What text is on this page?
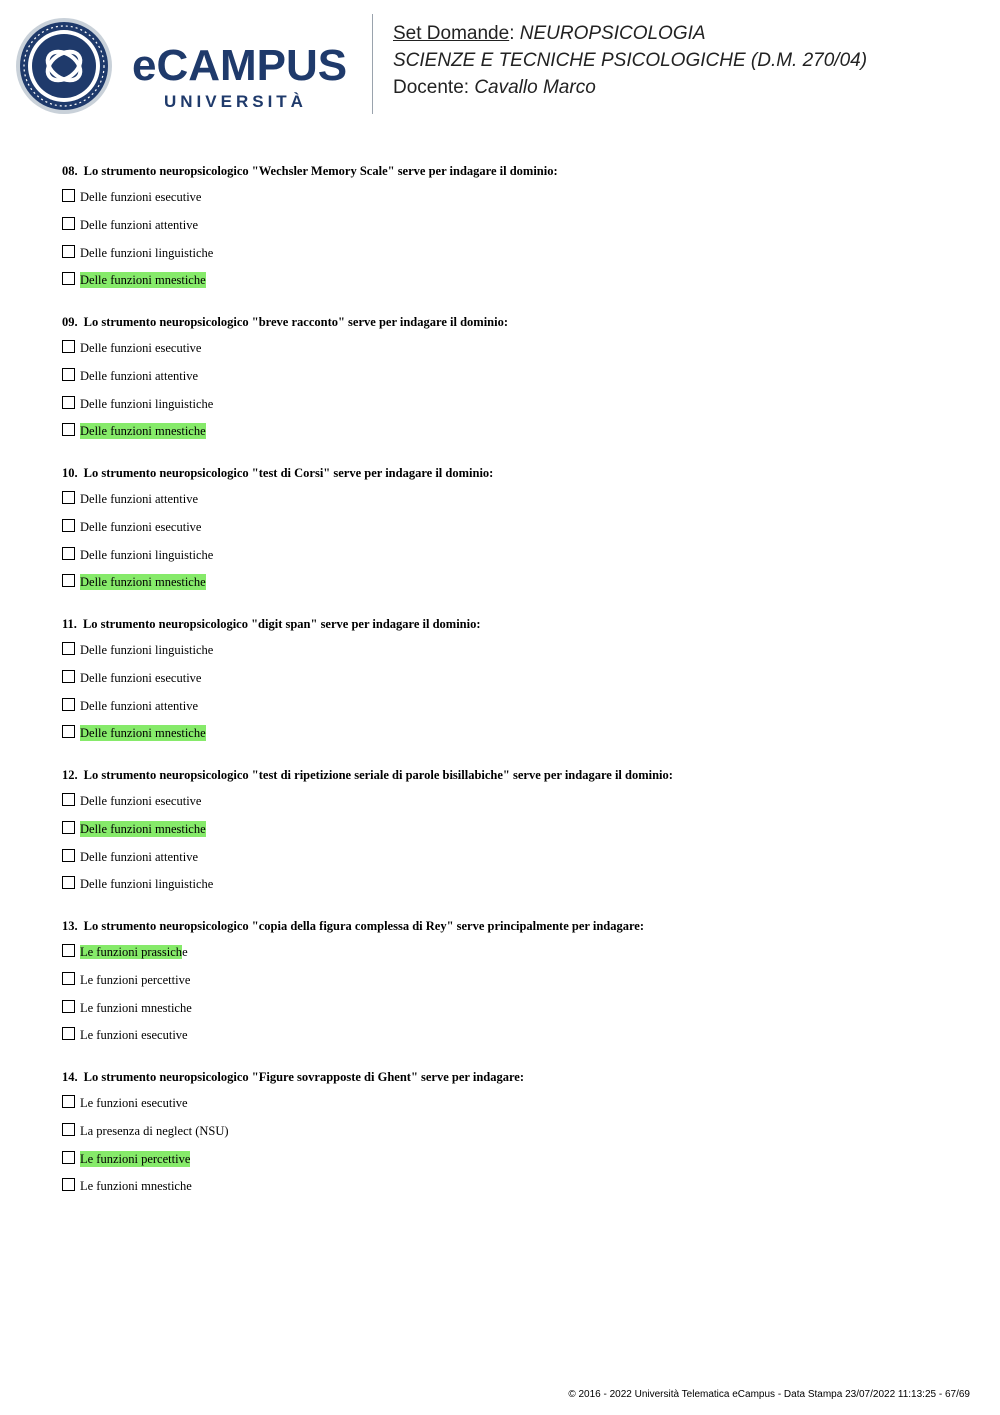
eCAMPUS
UNIVERSITÀ
Set Domande: NEUROPSICOLOGIA
SCIENZE E TECNICHE PSICOLOGICHE (D.M. 270/04)
Docente: Cavallo Marco
08. Lo strumento neuropsicologico "Wechsler Memory Scale" serve per indagare il dominio:
Delle funzioni esecutive
Delle funzioni attentive
Delle funzioni linguistiche
Delle funzioni mnestiche
09. Lo strumento neuropsicologico "breve racconto" serve per indagare il dominio:
Delle funzioni esecutive
Delle funzioni attentive
Delle funzioni linguistiche
Delle funzioni mnestiche
10. Lo strumento neuropsicologico "test di Corsi" serve per indagare il dominio:
Delle funzioni attentive
Delle funzioni esecutive
Delle funzioni linguistiche
Delle funzioni mnestiche
11. Lo strumento neuropsicologico "digit span" serve per indagare il dominio:
Delle funzioni linguistiche
Delle funzioni esecutive
Delle funzioni attentive
Delle funzioni mnestiche
12. Lo strumento neuropsicologico "test di ripetizione seriale di parole bisillabiche" serve per indagare il dominio:
Delle funzioni esecutive
Delle funzioni mnestiche
Delle funzioni attentive
Delle funzioni linguistiche
13. Lo strumento neuropsicologico "copia della figura complessa di Rey" serve principalmente per indagare:
Le funzioni prassiche
Le funzioni percettive
Le funzioni mnestiche
Le funzioni esecutive
14. Lo strumento neuropsicologico "Figure sovrapposte di Ghent" serve per indagare:
Le funzioni esecutive
La presenza di neglect (NSU)
Le funzioni percettive
Le funzioni mnestiche
© 2016 - 2022 Università Telematica eCampus - Data Stampa 23/07/2022 11:13:25 - 67/69
